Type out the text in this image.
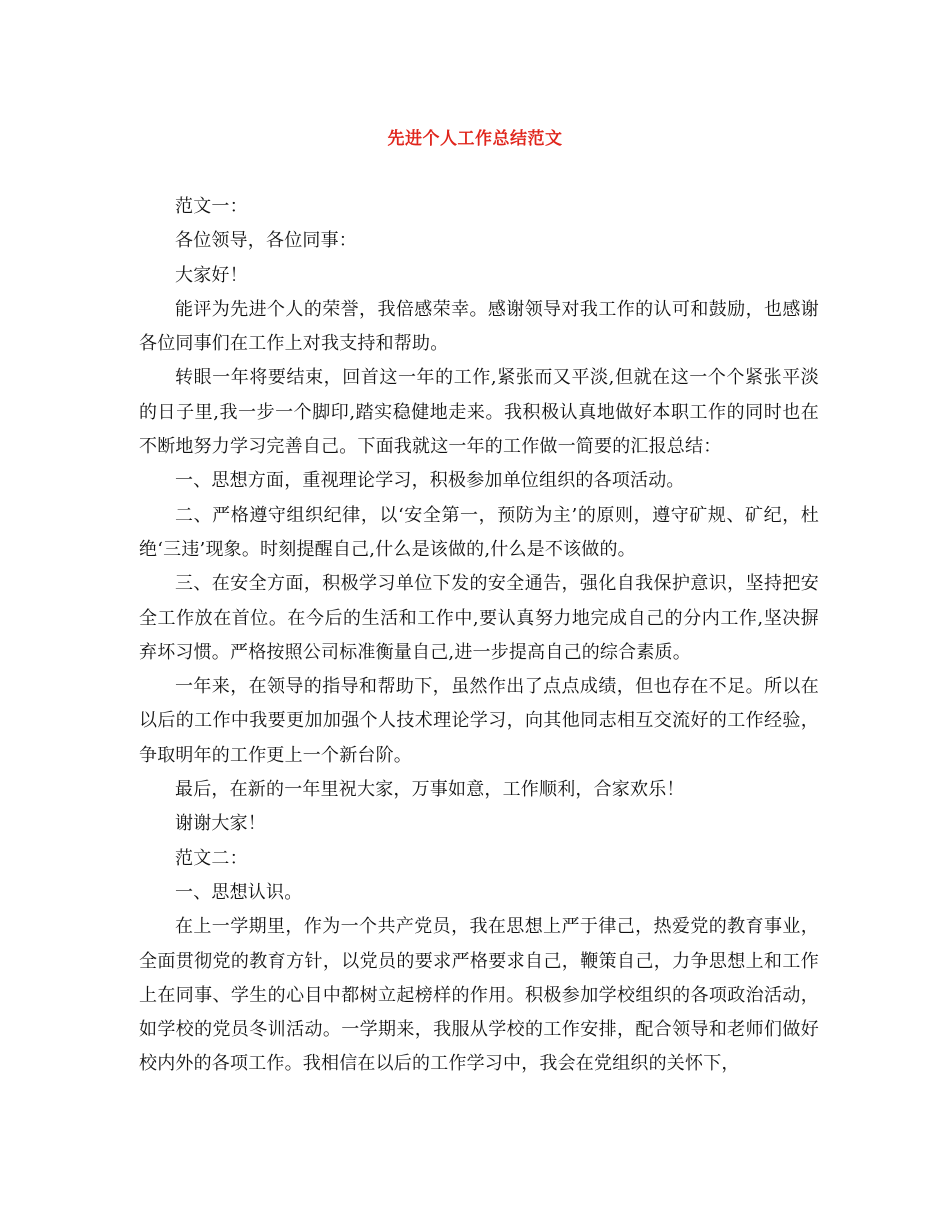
先进个人工作总结范文

范文一：

各位领导，各位同事：

大家好！

能评为先进个人的荣誉，我倍感荣幸。感谢领导对我工作的认可和鼓励，也感谢各位同事们在工作上对我支持和帮助。

转眼一年将要结束，回首这一年的工作,紧张而又平淡,但就在这一个个紧张平淡的日子里,我一步一个脚印,踏实稳健地走来。我积极认真地做好本职工作的同时也在不断地努力学习完善自己。下面我就这一年的工作做一简要的汇报总结：

一、思想方面，重视理论学习，积极参加单位组织的各项活动。

二、严格遵守组织纪律，以‘安全第一，预防为主’的原则，遵守矿规、矿纪，杜绝‘三违’现象。时刻提醒自己,什么是该做的,什么是不该做的。

三、在安全方面，积极学习单位下发的安全通告，强化自我保护意识，坚持把安全工作放在首位。在今后的生活和工作中,要认真努力地完成自己的分内工作,坚决摒弃坏习惯。严格按照公司标准衡量自己,进一步提高自己的综合素质。

一年来，在领导的指导和帮助下，虽然作出了点点成绩，但也存在不足。所以在以后的工作中我要更加加强个人技术理论学习，向其他同志相互交流好的工作经验，争取明年的工作更上一个新台阶。

最后，在新的一年里祝大家，万事如意，工作顺利，合家欢乐！

谢谢大家！

范文二：

一、思想认识。

在上一学期里，作为一个共产党员，我在思想上严于律己，热爱党的教育事业，全面贯彻党的教育方针，以党员的要求严格要求自己，鞭策自己，力争思想上和工作上在同事、学生的心目中都树立起榜样的作用。积极参加学校组织的各项政治活动，如学校的党员冬训活动。一学期来，我服从学校的工作安排，配合领导和老师们做好校内外的各项工作。我相信在以后的工作学习中，我会在党组织的关怀下，
